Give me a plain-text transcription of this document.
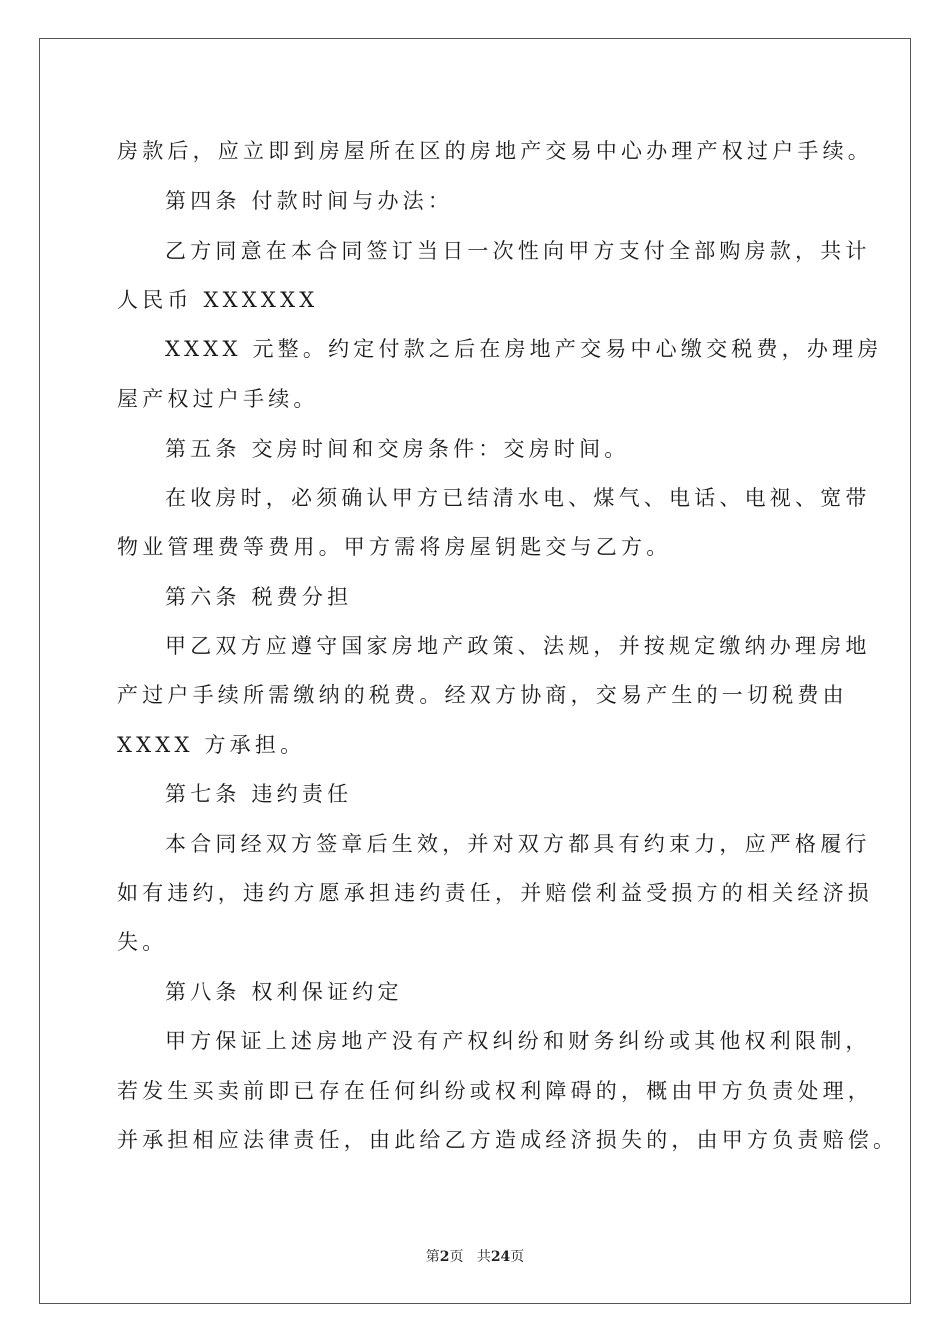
房款后，应立即到房屋所在区的房地产交易中心办理产权过户手续。
第四条 付款时间与办法：
乙方同意在本合同签订当日一次性向甲方支付全部购房款，共计
人民币 XXXXXX
XXXX 元整。约定付款之后在房地产交易中心缴交税费，办理房
屋产权过户手续。
第五条 交房时间和交房条件：交房时间。
在收房时，必须确认甲方已结清水电、煤气、电话、电视、宽带
物业管理费等费用。甲方需将房屋钥匙交与乙方。
第六条 税费分担
甲乙双方应遵守国家房地产政策、法规，并按规定缴纳办理房地
产过户手续所需缴纳的税费。经双方协商，交易产生的一切税费由
XXXX 方承担。
第七条 违约责任
本合同经双方签章后生效，并对双方都具有约束力，应严格履行
如有违约，违约方愿承担违约责任，并赔偿利益受损方的相关经济损
失。
第八条 权利保证约定
甲方保证上述房地产没有产权纠纷和财务纠纷或其他权利限制，
若发生买卖前即已存在任何纠纷或权利障碍的，概由甲方负责处理，
并承担相应法律责任，由此给乙方造成经济损失的，由甲方负责赔偿。
第2页 共24页
